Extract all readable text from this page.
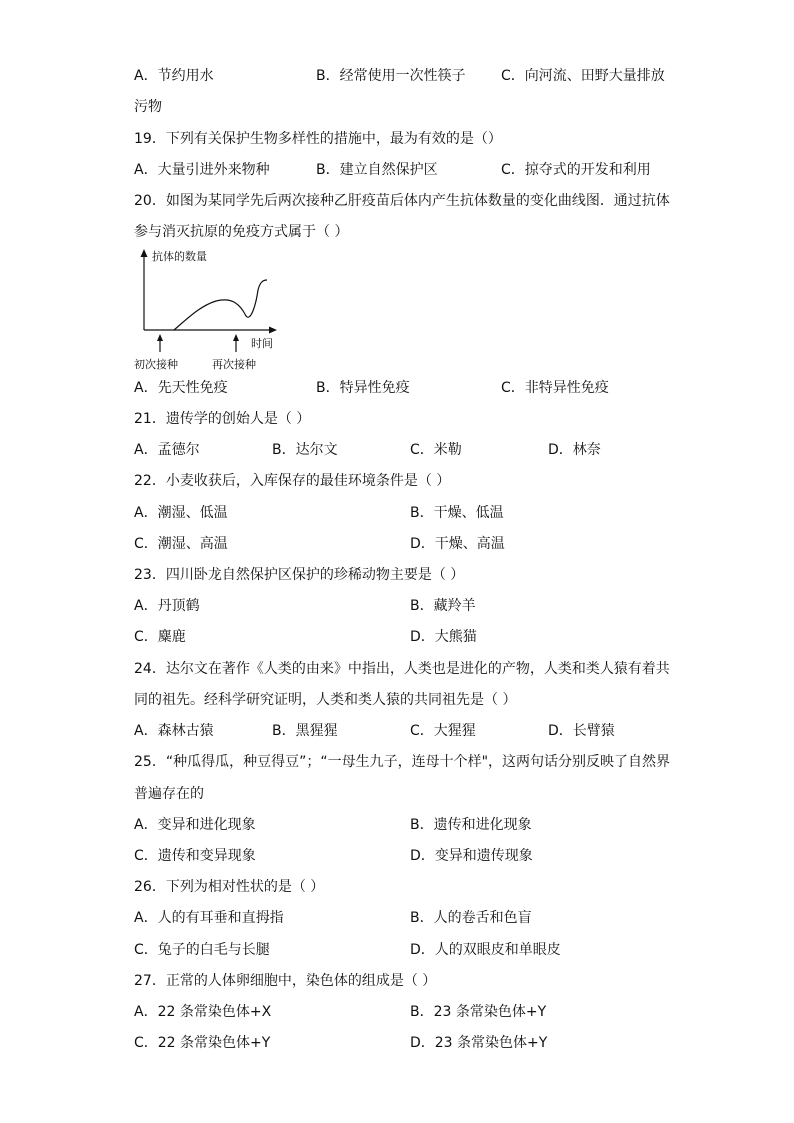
A．节约用水	B．经常使用一次性筷子	C．向河流、田野大量排放
污物
19．下列有关保护生物多样性的措施中，最为有效的是（）
A．大量引进外来物种	B．建立自然保护区	C．掠夺式的开发和利用
20．如图为某同学先后两次接种乙肝疫苗后体内产生抗体数量的变化曲线图．通过抗体
参与消灭抗原的免疫方式属于（ ）
抗体的数量
时间
初次接种	再次接种
A．先天性免疫	B．特异性免疫	C．非特异性免疫
21．遗传学的创始人是（ ）
A．孟德尔	B．达尔文	C．米勒	D．林奈
22．小麦收获后，入库保存的最佳环境条件是（ ）
A．潮湿、低温	B．干燥、低温
C．潮湿、高温	D．干燥、高温
23．四川卧龙自然保护区保护的珍稀动物主要是（ ）
A．丹顶鹤	B．藏羚羊
C．麋鹿	D．大熊猫
24．达尔文在著作《人类的由来》中指出，人类也是进化的产物，人类和类人猿有着共
同的祖先。经科学研究证明，人类和类人猿的共同祖先是（ ）
A．森林古猿	B．黑猩猩	C．大猩猩	D．长臂猿
25．“种瓜得瓜，种豆得豆”；“一母生九子，连母十个样"，这两句话分别反映了自然界
普遍存在的
A．变异和进化现象	B．遗传和进化现象
C．遗传和变异现象	D．变异和遗传现象
26．下列为相对性状的是（ ）
A．人的有耳垂和直拇指	B．人的卷舌和色盲
C．兔子的白毛与长腿	D．人的双眼皮和单眼皮
27．正常的人体卵细胞中，染色体的组成是（ ）
A．22 条常染色体+X	B．23 条常染色体+Y
C．22 条常染色体+Y	D．23 条常染色体+Y
